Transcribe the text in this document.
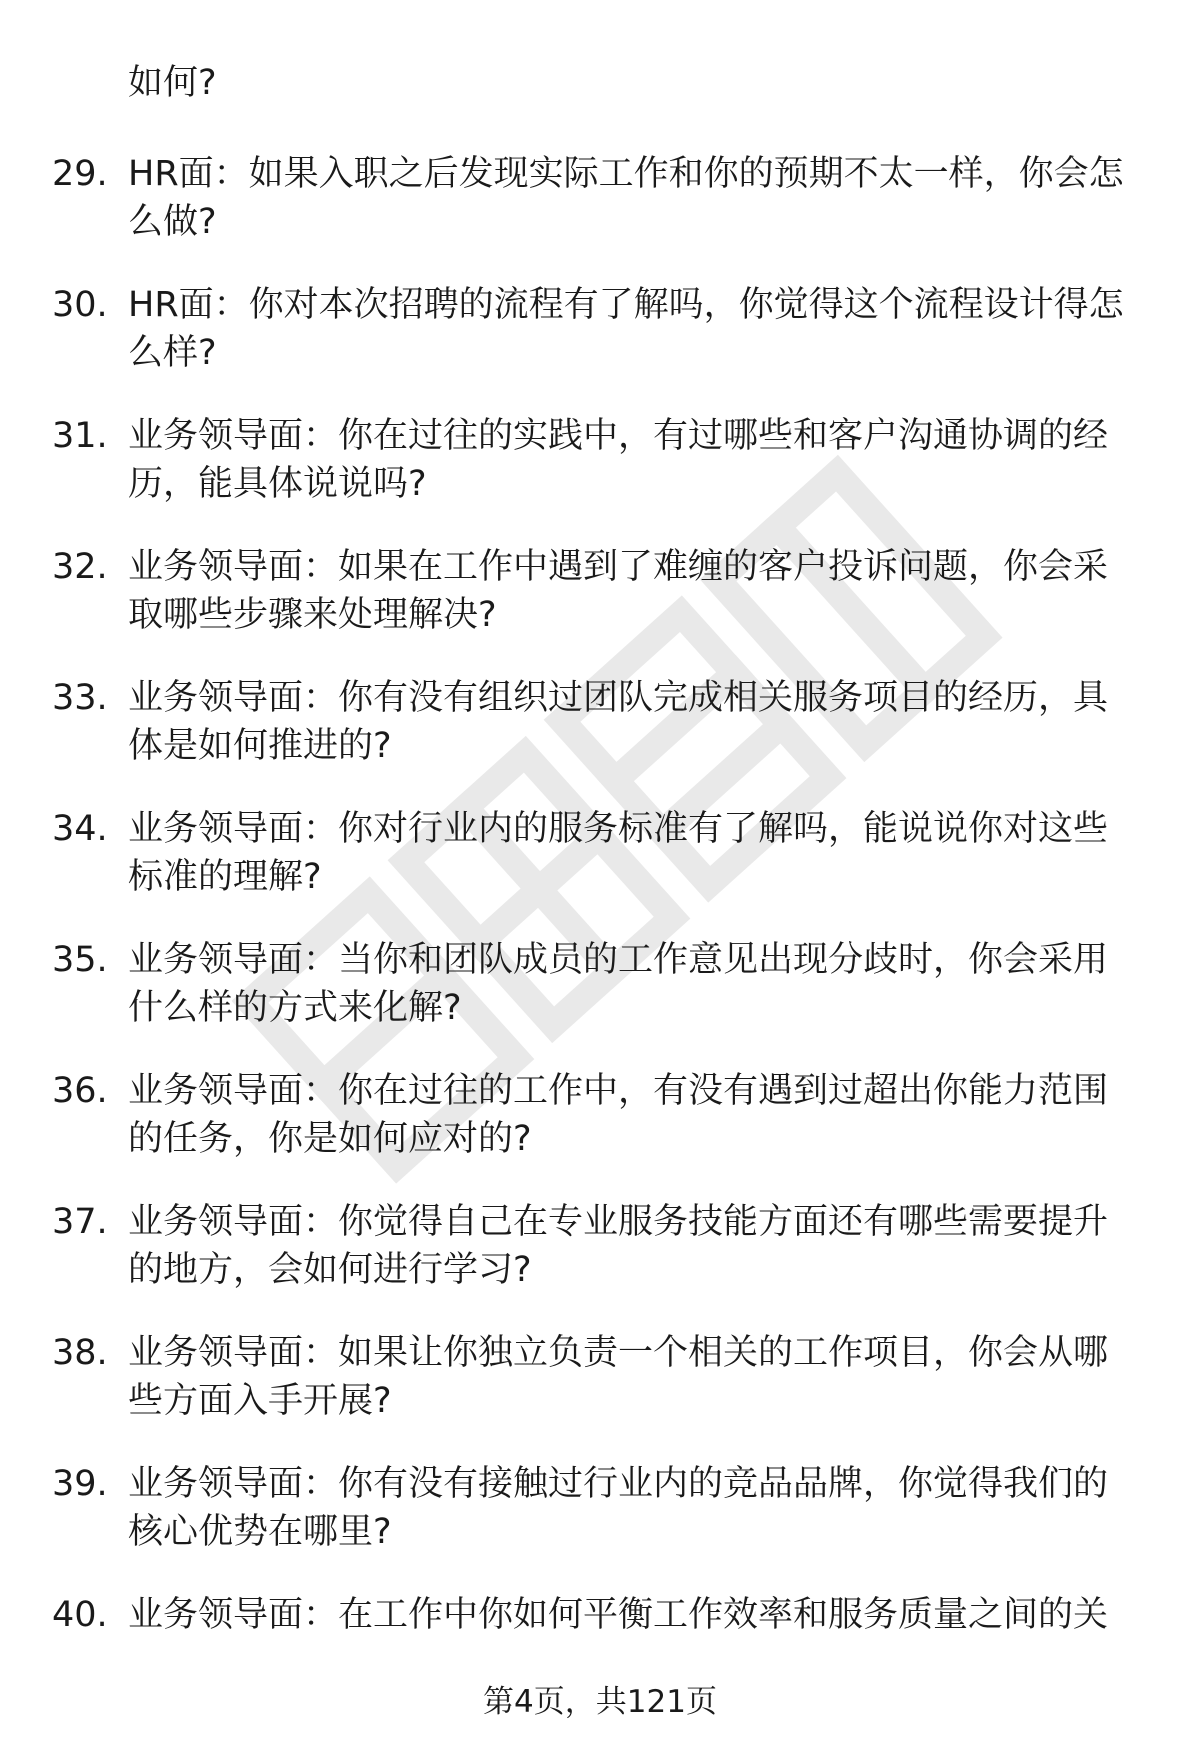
如何?
29. HR面：如果入职之后发现实际工作和你的预期不太一样，你会怎
么做?
30. HR面：你对本次招聘的流程有了解吗，你觉得这个流程设计得怎
么样?
31. 业务领导面：你在过往的实践中，有过哪些和客户沟通协调的经
历，能具体说说吗?
32. 业务领导面：如果在工作中遇到了难缠的客户投诉问题，你会采
取哪些步骤来处理解决?
33. 业务领导面：你有没有组织过团队完成相关服务项目的经历，具
体是如何推进的?
34. 业务领导面：你对行业内的服务标准有了解吗，能说说你对这些
标准的理解?
35. 业务领导面：当你和团队成员的工作意见出现分歧时，你会采用
什么样的方式来化解?
36. 业务领导面：你在过往的工作中，有没有遇到过超出你能力范围
的任务，你是如何应对的?
37. 业务领导面：你觉得自己在专业服务技能方面还有哪些需要提升
的地方，会如何进行学习?
38. 业务领导面：如果让你独立负责一个相关的工作项目，你会从哪
些方面入手开展?
39. 业务领导面：你有没有接触过行业内的竞品品牌，你觉得我们的
核心优势在哪里?
40. 业务领导面：在工作中你如何平衡工作效率和服务质量之间的关
第4页，共121页
